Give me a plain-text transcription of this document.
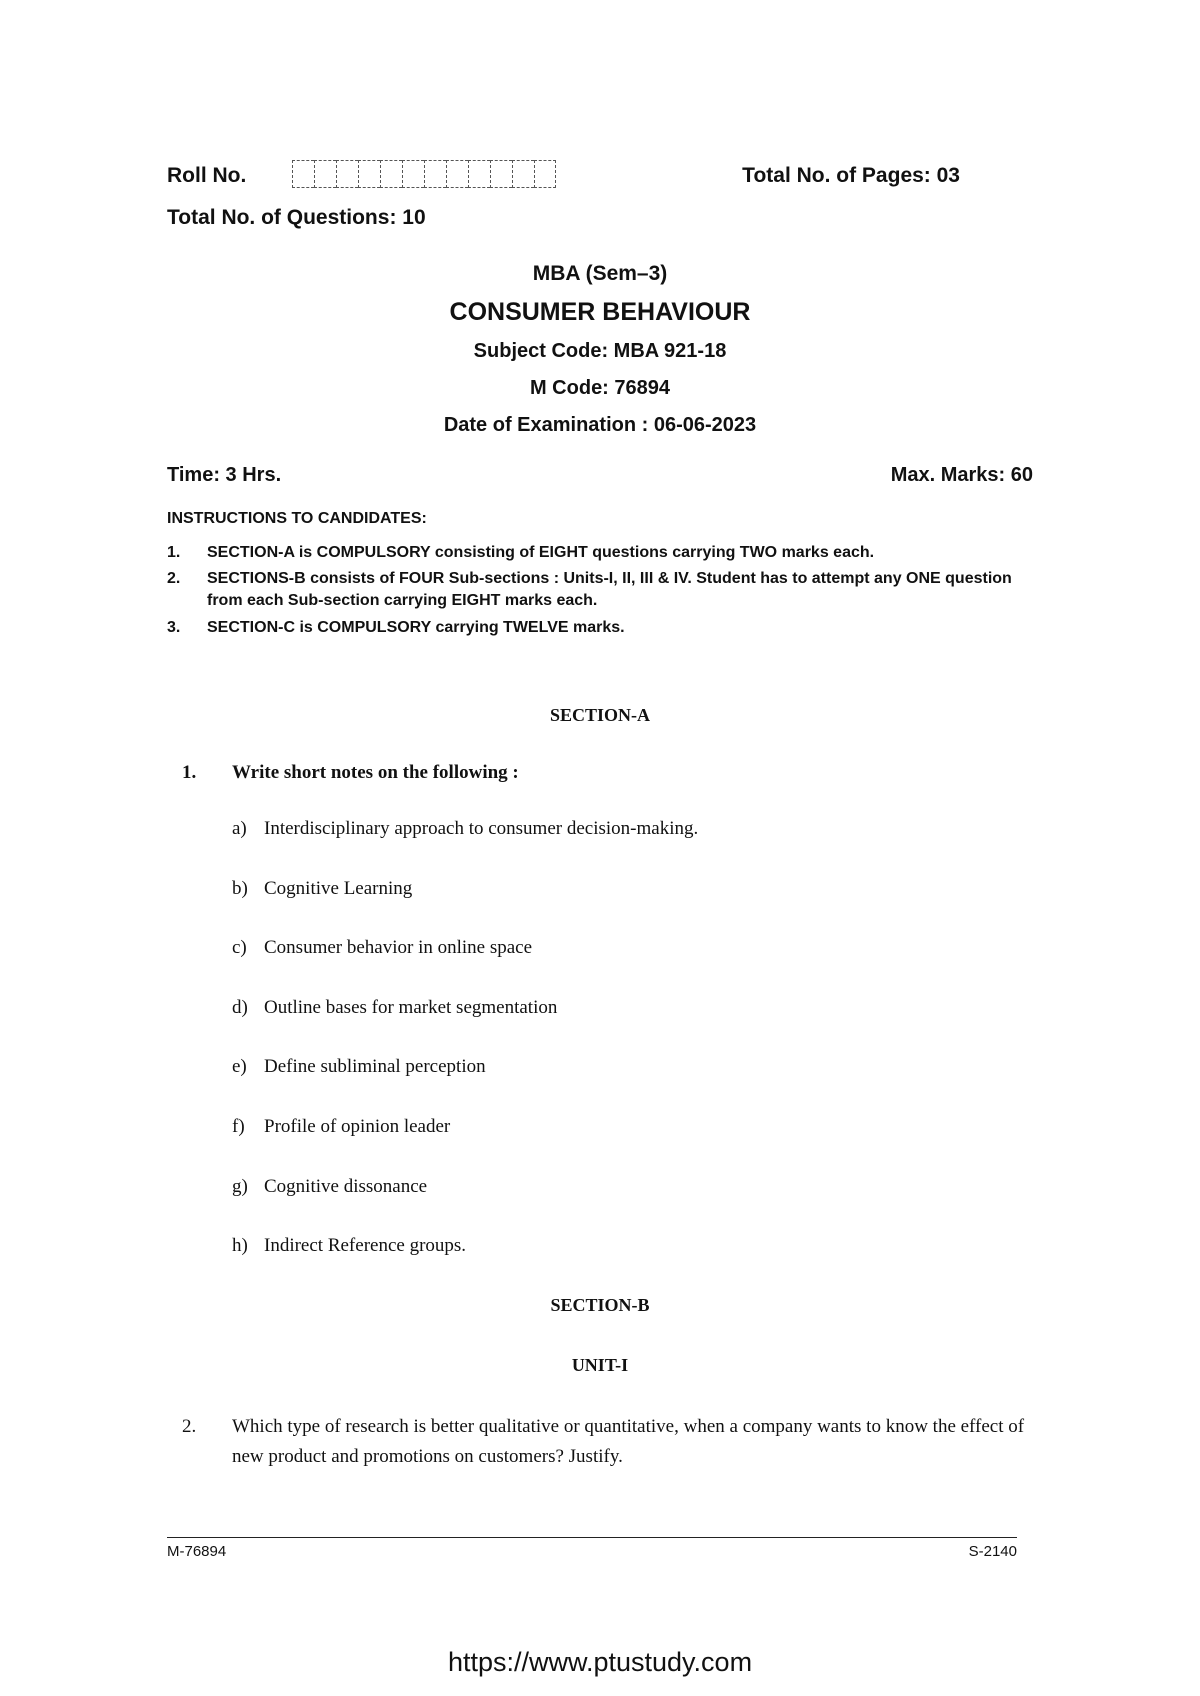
Roll No.	Total No. of Pages: 03
Total No. of Questions: 10
MBA (Sem–3)
CONSUMER BEHAVIOUR
Subject Code: MBA 921-18
M Code: 76894
Date of Examination : 06-06-2023
Time: 3 Hrs.	Max. Marks: 60
INSTRUCTIONS TO CANDIDATES:
1.	SECTION-A is COMPULSORY consisting of EIGHT questions carrying TWO marks each.
2.	SECTIONS-B consists of FOUR Sub-sections : Units-I, II, III & IV. Student has to attempt any ONE question from each Sub-section carrying EIGHT marks each.
3.	SECTION-C is COMPULSORY carrying TWELVE marks.
SECTION-A
1.	Write short notes on the following :
a) Interdisciplinary approach to consumer decision-making.
b) Cognitive Learning
c) Consumer behavior in online space
d) Outline bases for market segmentation
e) Define subliminal perception
f)	Profile of opinion leader
g) Cognitive dissonance
h) Indirect Reference groups.
SECTION-B
UNIT-I
2.	Which type of research is better qualitative or quantitative, when a company wants to know the effect of new product and promotions on customers? Justify.
M-76894	S-2140
https://www.ptustudy.com
